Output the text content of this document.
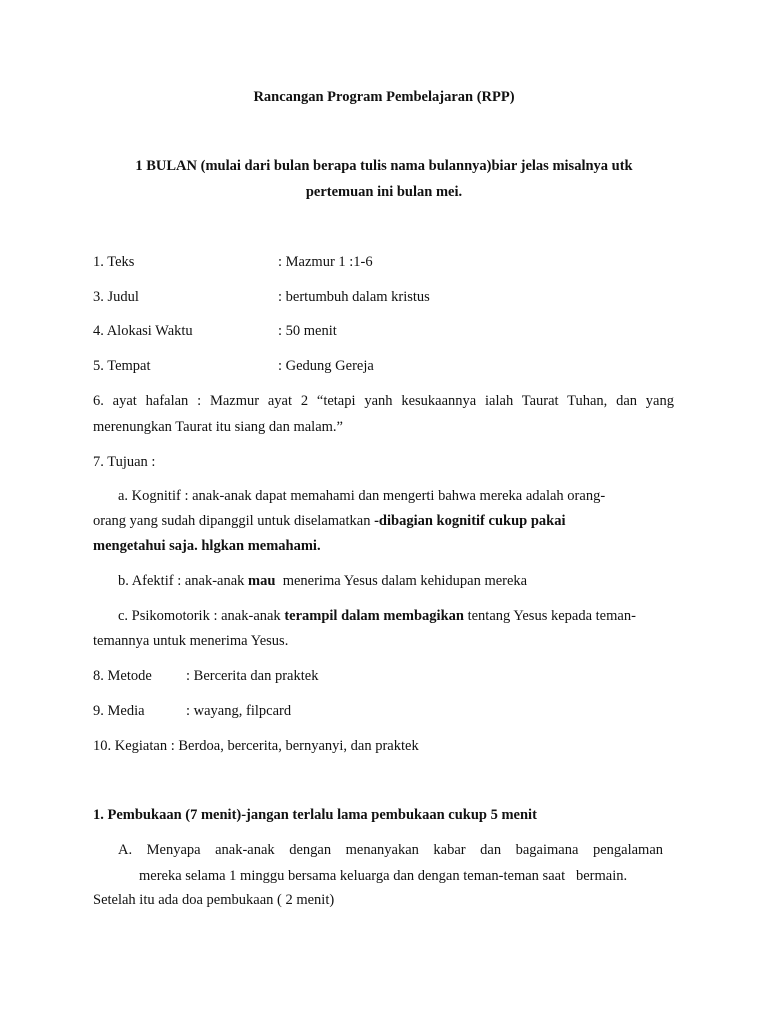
Rancangan Program Pembelajaran (RPP)
1 BULAN (mulai dari bulan berapa tulis nama bulannya)biar jelas misalnya utk
pertemuan ini bulan mei.
1. Teks	: Mazmur 1 :1-6
3. Judul	: bertumbuh dalam kristus
4. Alokasi Waktu	: 50 menit
5. Tempat	: Gedung Gereja
6. ayat hafalan : Mazmur ayat 2 “tetapi yanh kesukaannya ialah Taurat Tuhan, dan yang
merenungkan Taurat itu siang dan malam.”
7. Tujuan :
a. Kognitif : anak-anak dapat memahami dan mengerti bahwa mereka adalah orang-
orang yang sudah dipanggil untuk diselamatkan -dibagian kognitif cukup pakai
mengetahui saja. hlgkan memahami.
b. Afektif : anak-anak mau  menerima Yesus dalam kehidupan mereka
c. Psikomotorik : anak-anak terampil dalam membagikan tentang Yesus kepada teman-
temannya untuk menerima Yesus.
8. Metode : Bercerita dan praktek
9. Media	: wayang, filpcard
10. Kegiatan : Berdoa, bercerita, bernyanyi, dan praktek
1. Pembukaan (7 menit)-jangan terlalu lama pembukaan cukup 5 menit
A. Menyapa anak-anak dengan menanyakan kabar dan bagaimana pengalaman
mereka selama 1 minggu bersama keluarga dan dengan teman-teman saat   bermain.
Setelah itu ada doa pembukaan ( 2 menit)
